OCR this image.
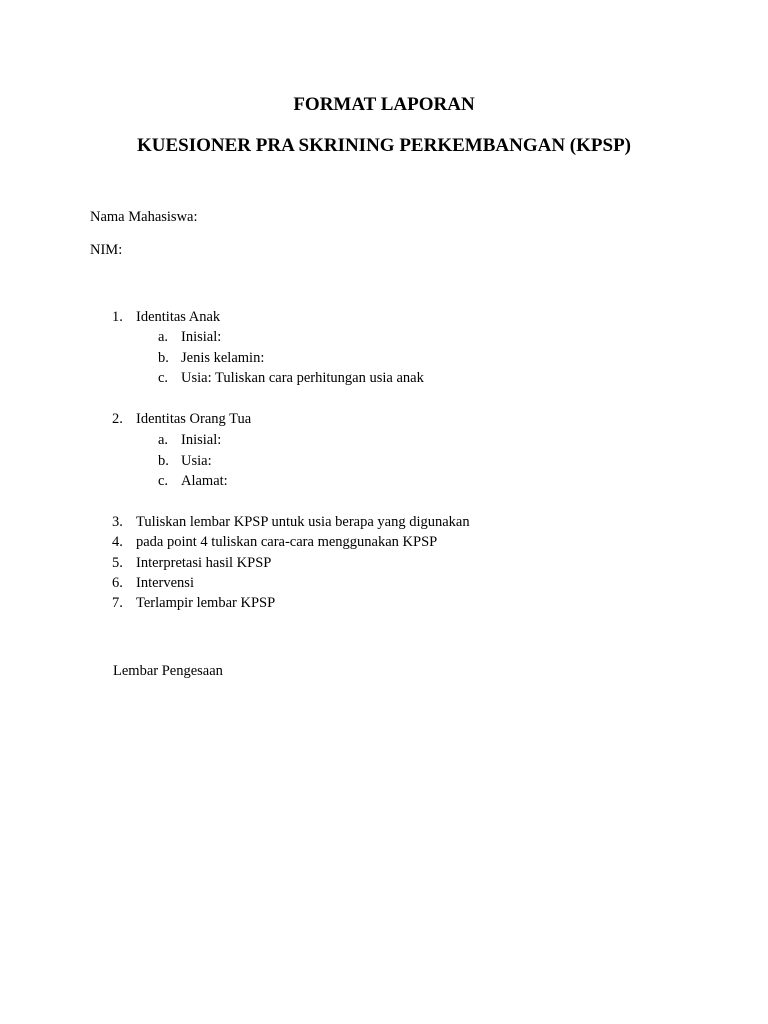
FORMAT LAPORAN
KUESIONER PRA SKRINING PERKEMBANGAN (KPSP)
Nama Mahasiswa:
NIM:
1. Identitas Anak
a. Inisial:
b. Jenis kelamin:
c. Usia: Tuliskan cara perhitungan usia anak
2. Identitas Orang Tua
a. Inisial:
b. Usia:
c. Alamat:
3. Tuliskan lembar KPSP untuk usia berapa yang digunakan
4. pada point 4 tuliskan cara-cara menggunakan KPSP
5. Interpretasi hasil KPSP
6. Intervensi
7. Terlampir lembar KPSP
Lembar Pengesaan
